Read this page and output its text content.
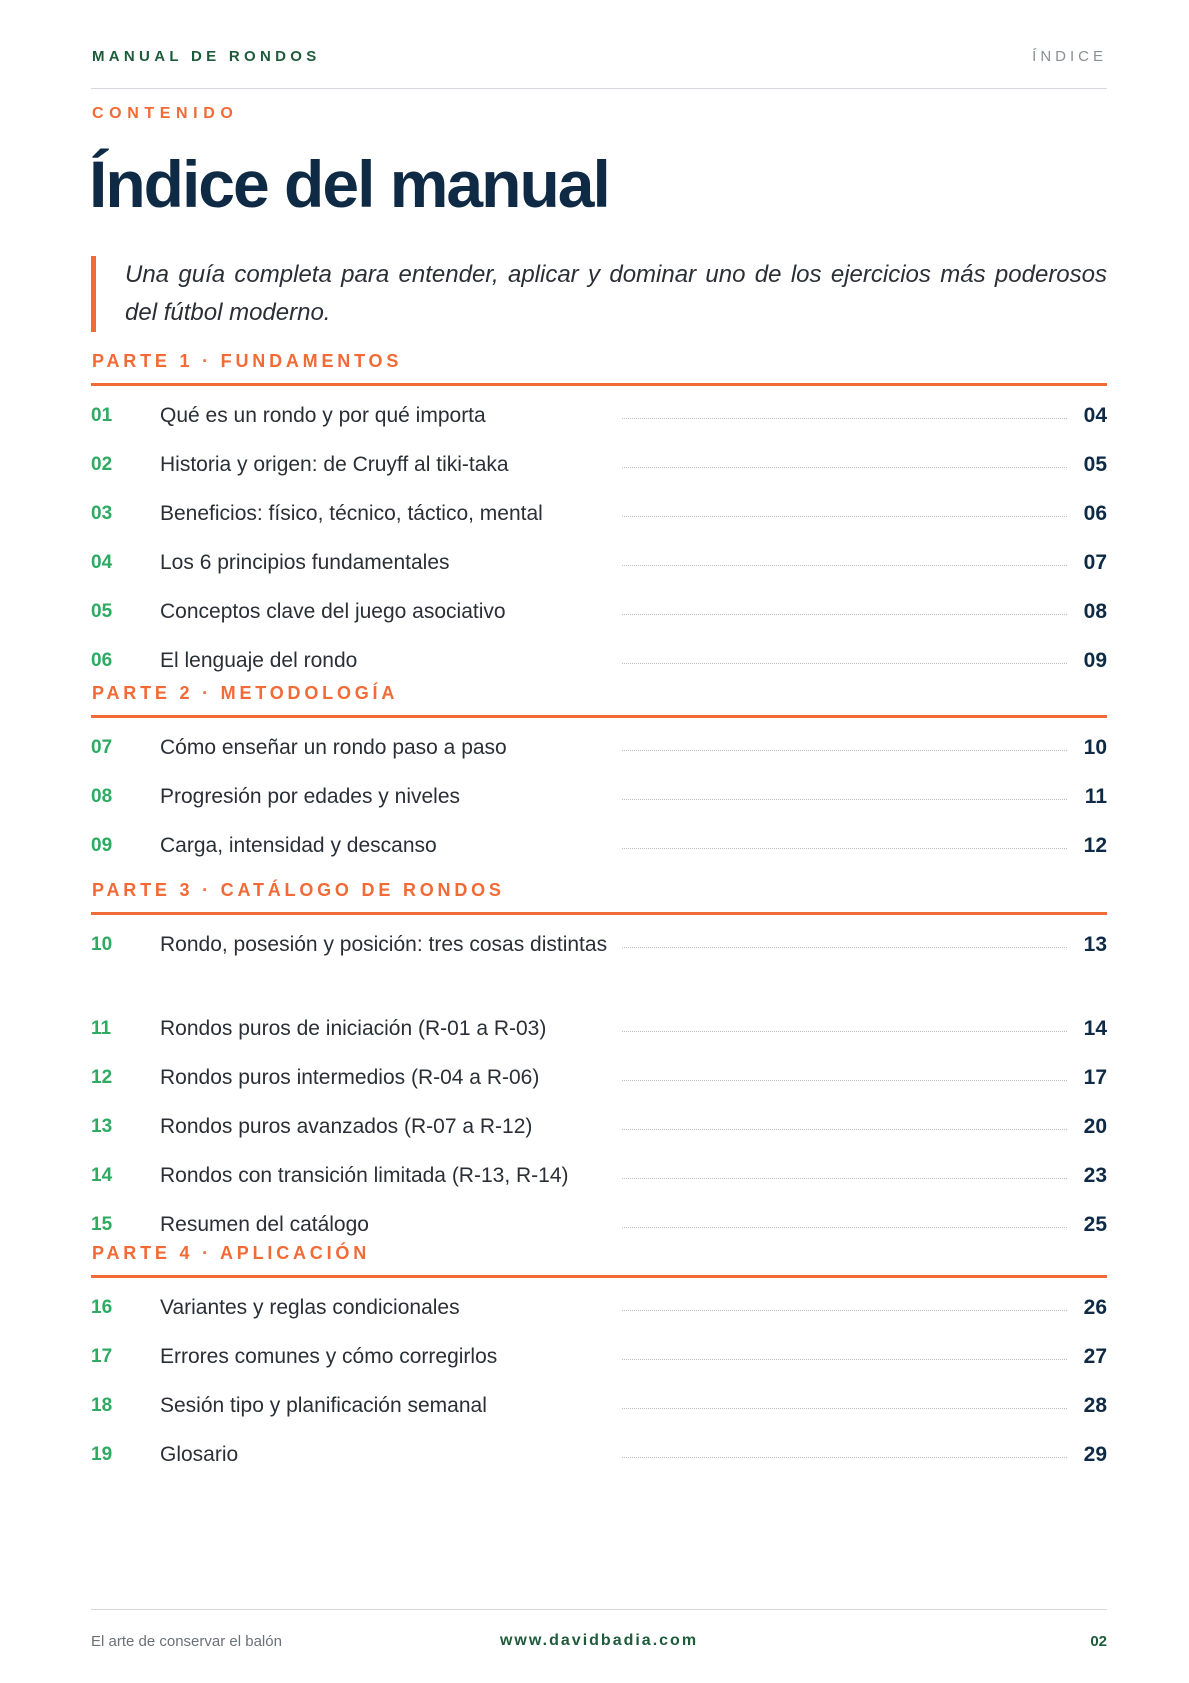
MANUAL DE RONDOS	ÍNDICE
CONTENIDO
Índice del manual
Una guía completa para entender, aplicar y dominar uno de los ejercicios más poderosos del fútbol moderno.
PARTE 1 · FUNDAMENTOS
01 Qué es un rondo y por qué importa	04
02 Historia y origen: de Cruyff al tiki-taka	05
03 Beneficios: físico, técnico, táctico, mental	06
04 Los 6 principios fundamentales	07
05 Conceptos clave del juego asociativo	08
06 El lenguaje del rondo	09
PARTE 2 · METODOLOGÍA
07 Cómo enseñar un rondo paso a paso	10
08 Progresión por edades y niveles	11
09 Carga, intensidad y descanso	12
PARTE 3 · CATÁLOGO DE RONDOS
10 Rondo, posesión y posición: tres cosas distintas	13
11 Rondos puros de iniciación (R-01 a R-03)	14
12 Rondos puros intermedios (R-04 a R-06)	17
13 Rondos puros avanzados (R-07 a R-12)	20
14 Rondos con transición limitada (R-13, R-14)	23
15 Resumen del catálogo	25
PARTE 4 · APLICACIÓN
16 Variantes y reglas condicionales	26
17 Errores comunes y cómo corregirlos	27
18 Sesión tipo y planificación semanal	28
19 Glosario	29
El arte de conservar el balón	www.davidbadia.com	02
